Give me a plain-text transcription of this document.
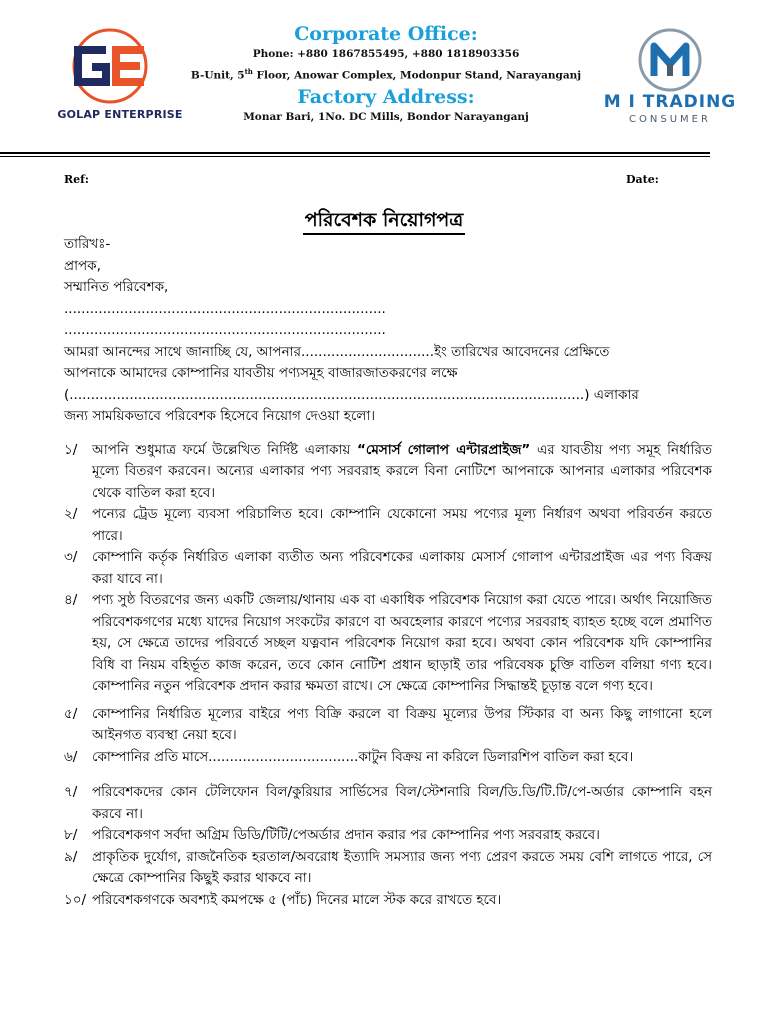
GOLAP ENTERPRISE
Corporate Office:
Phone: +880 1867855495, +880 1818903356
B-Unit, 5th Floor, Anowar Complex, Modonpur Stand, Narayanganj
Factory Address:
Monar Bari, 1No. DC Mills, Bondor Narayanganj
M I TRADING
CONSUMER
Ref:	Date:
পরিবেশক নিয়োগপত্র

তারিখঃ-

প্রাপক,

সম্মানিত পরিবেশক,

...........................................................................

...........................................................................

আমরা আনন্দের সাথে জানাচ্ছি যে, আপনার...............................ইং তারিখের আবেদনের প্রেক্ষিতে

আপনাকে আমাদের কোম্পানির যাবতীয় পণ্যসমূহ বাজারজাতকরণের লক্ষে

(........................................................................................................................) এলাকার

জন্য সাময়িকভাবে পরিবেশক হিসেবে নিয়োগ দেওয়া হলো।

১/	আপনি শুধুমাত্র ফর্মে উল্লেখিত নির্দিষ্ট এলাকায় “মেসার্স গোলাপ এন্টারপ্রাইজ” এর যাবতীয় পণ্য সমূহ নির্ধারিত মূল্যে বিতরণ করবেন। অন্যের এলাকার পণ্য সরবরাহ করলে বিনা নোটিশে আপনাকে আপনার এলাকার পরিবেশক থেকে বাতিল করা হবে।
২/	পন্যের ট্রেড মূল্যে ব্যবসা পরিচালিত হবে। কোম্পানি যেকোনো সময় পণ্যের মূল্য নির্ধারণ অথবা পরিবর্তন করতে পারে।
৩/	কোম্পানি কর্তৃক নির্ধারিত এলাকা ব্যতীত অন্য পরিবেশকের এলাকায় মেসার্স গোলাপ এন্টারপ্রাইজ এর পণ্য বিক্রয় করা যাবে না।
৪/	পণ্য সুষ্ঠ বিতরণের জন্য একটি জেলায়/থানায় এক বা একাধিক পরিবেশক নিয়োগ করা যেতে পারে। অর্থাৎ নিয়োজিত পরিবেশকগণের মধ্যে যাদের নিয়োগ সংকটের কারণে বা অবহেলার কারণে পণ্যের সরবরাহ ব্যাহত হচ্ছে বলে প্রমাণিত হয়, সে ক্ষেত্রে তাদের পরিবর্তে সচ্ছল যত্নবান পরিবেশক নিয়োগ করা হবে। অথবা কোন পরিবেশক যদি কোম্পানির বিধি বা নিয়ম বহির্ভূত কাজ করেন, তবে কোন নোটিশ প্রধান ছাড়াই তার পরিবেষক চুক্তি বাতিল বলিয়া গণ্য হবে। কোম্পানির নতুন পরিবেশক প্রদান করার ক্ষমতা রাখে। সে ক্ষেত্রে কোম্পানির সিদ্ধান্তই চূড়ান্ত বলে গণ্য হবে।
৫/	কোম্পানির নির্ধারিত মূল্যের বাইরে পণ্য বিক্রি করলে বা বিক্রয় মূল্যের উপর স্টিকার বা অন্য কিছু লাগানো হলে আইনগত ব্যবস্থা নেয়া হবে।
৬/	কোম্পানির প্রতি মাসে...................................কাটুন বিক্রয় না করিলে ডিলারশিপ বাতিল করা হবে।
৭/	পরিবেশকদের কোন টেলিফোন বিল/কুরিয়ার সার্ভিসের বিল/স্টেশনারি বিল/ডি.ডি/টি.টি/পে-অর্ডার কোম্পানি বহন করবে না।
৮/	পরিবেশকগণ সর্বদা অগ্রিম ডিডি/টিটি/পেঅর্ডার প্রদান করার পর কোম্পানির পণ্য সরবরাহ করবে।
৯/	প্রাকৃতিক দুর্যোগ, রাজনৈতিক হরতাল/অবরোধ ইত্যাদি সমস্যার জন্য পণ্য প্রেরণ করতে সময় বেশি লাগতে পারে, সে ক্ষেত্রে কোম্পানির কিছুই করার থাকবে না।
১০/ পরিবেশকগণকে অবশ্যই কমপক্ষে ৫ (পাঁচ) দিনের মালে স্টক করে রাখতে হবে।
